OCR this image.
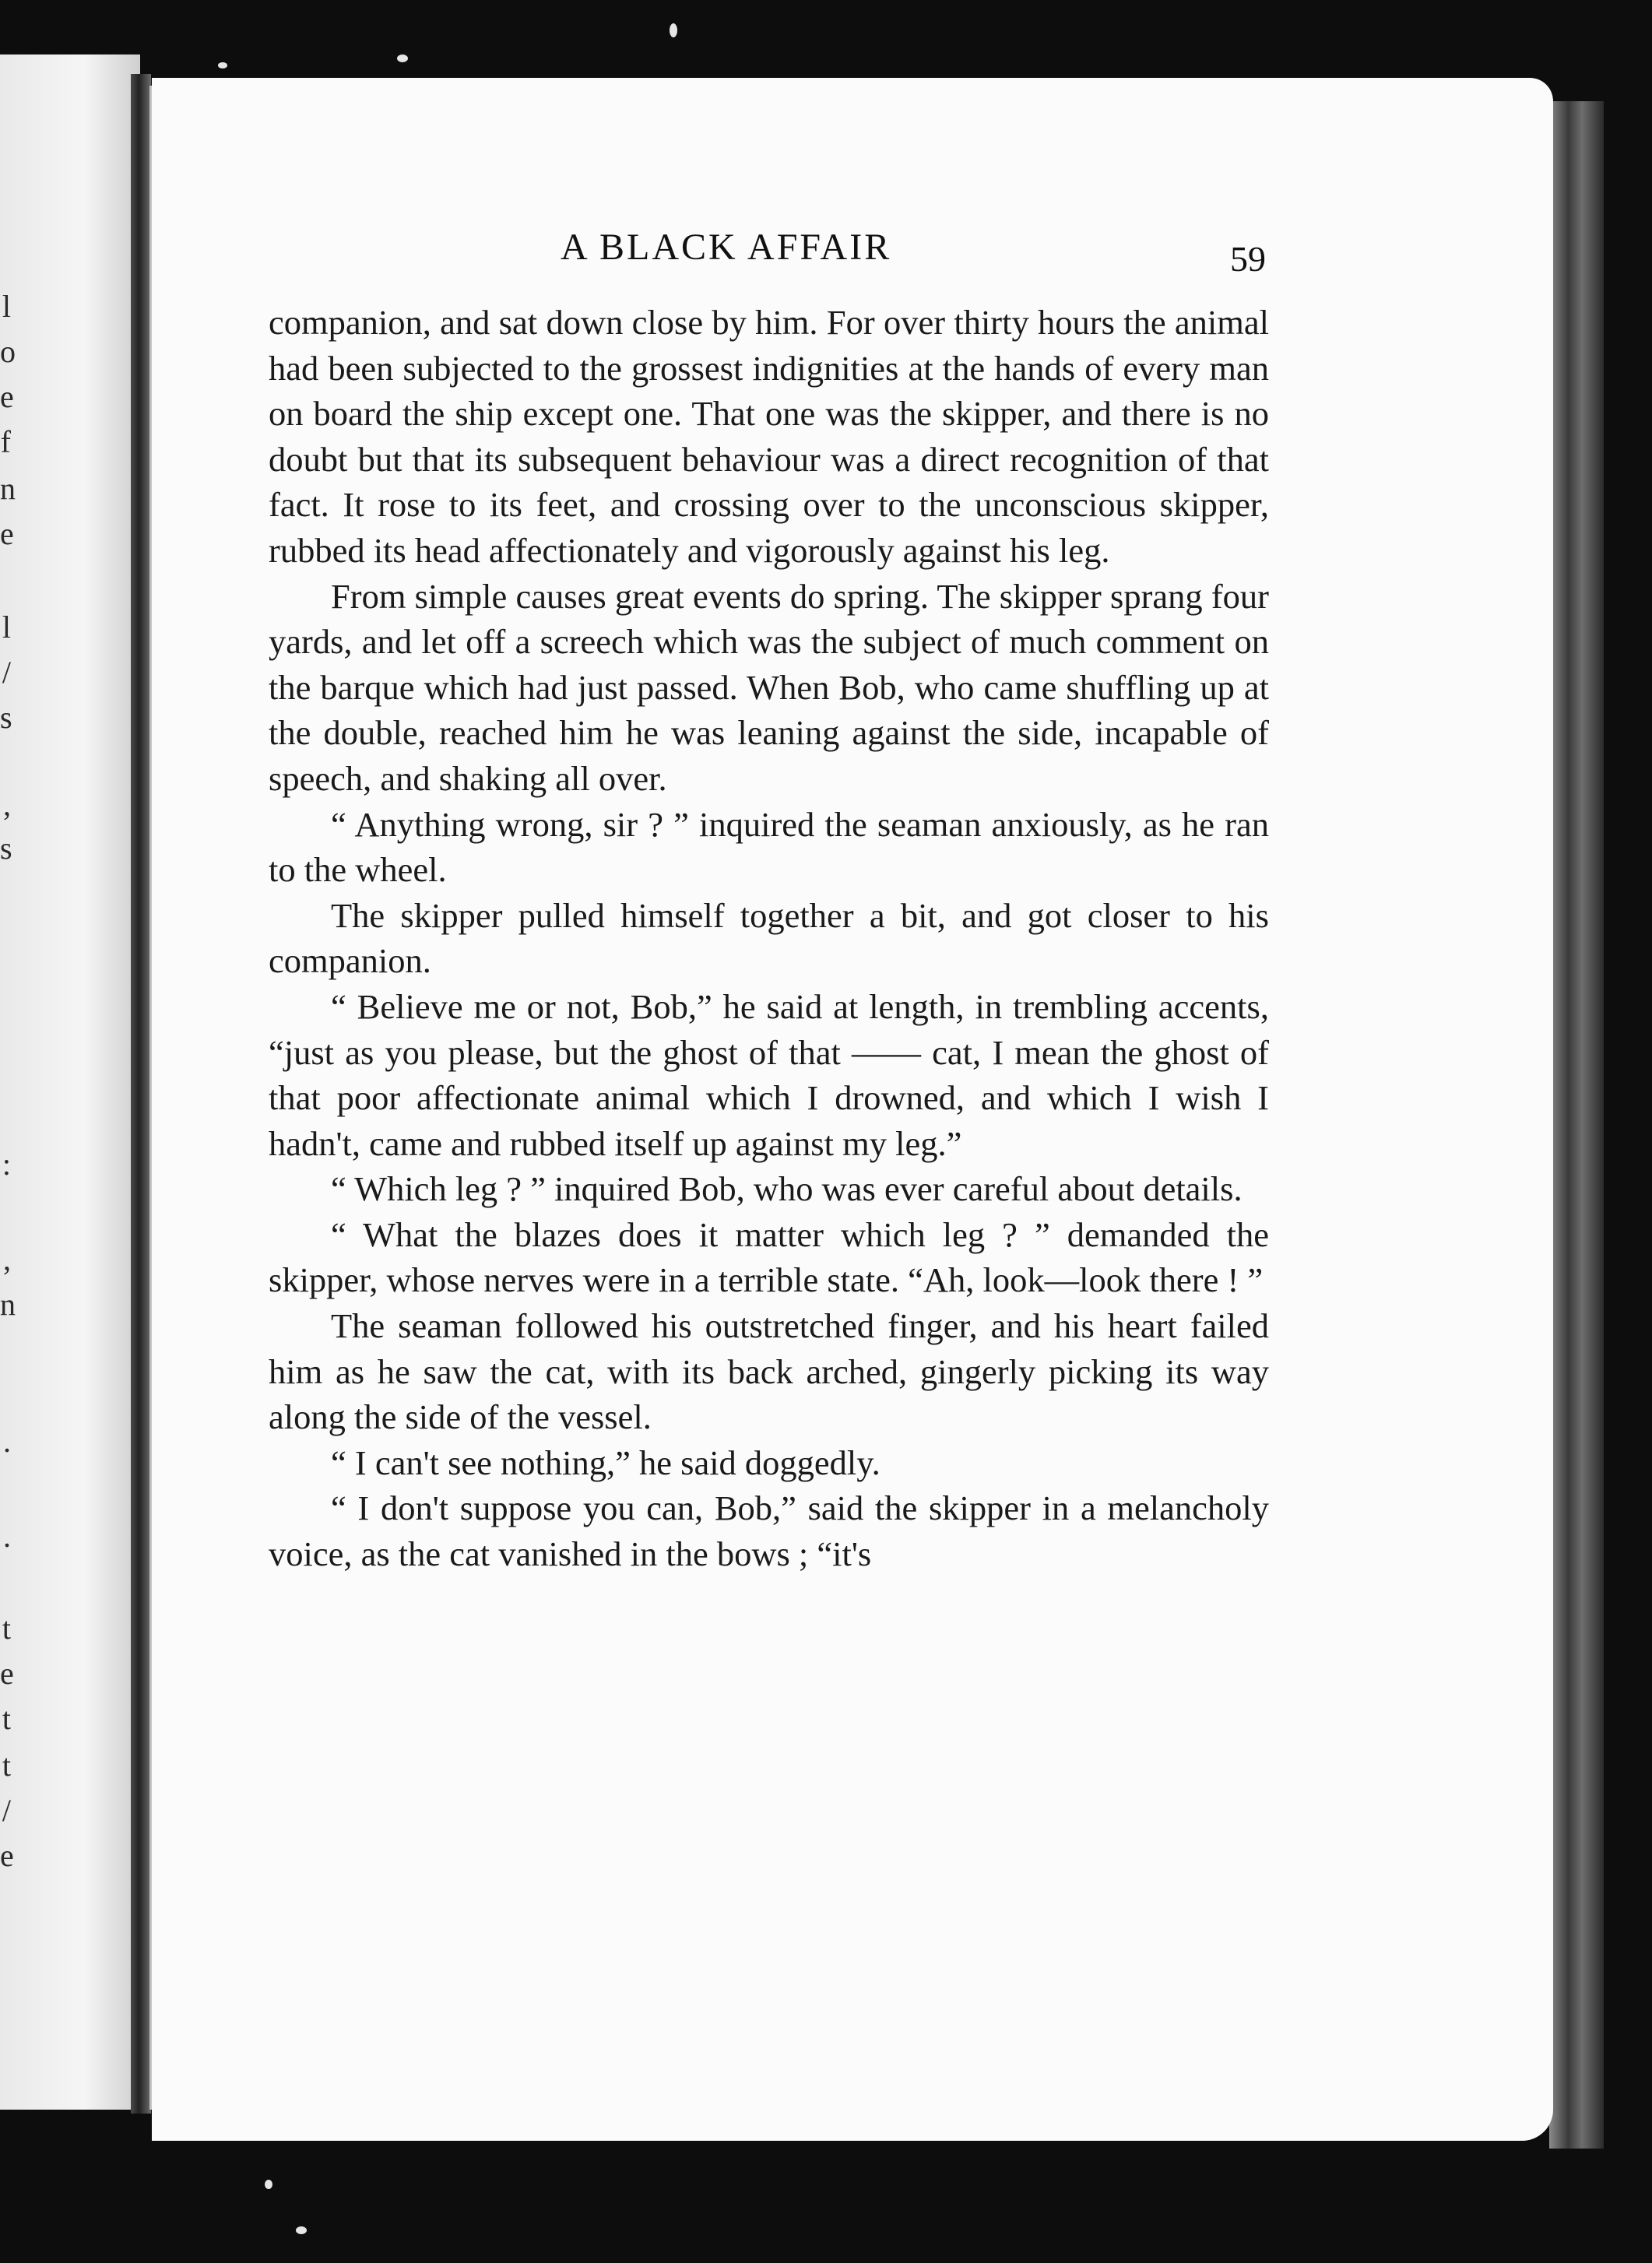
l
o
e
f
n
e
l
/
s
,
s
:
,
n
.
.
t
e
t
t
/
e
A BLACK AFFAIR	59

companion, and sat down close by him. For over thirty hours the animal had been subjected to the grossest indignities at the hands of every man on board the ship except one. That one was the skipper, and there is no doubt but that its subsequent behaviour was a direct recognition of that fact. It rose to its feet, and crossing over to the unconscious skipper, rubbed its head affectionately and vigorously against his leg.

From simple causes great events do spring. The skipper sprang four yards, and let off a screech which was the subject of much comment on the barque which had just passed. When Bob, who came shuffling up at the double, reached him he was leaning against the side, incapable of speech, and shaking all over.

“ Anything wrong, sir ? ” inquired the seaman anxiously, as he ran to the wheel.

The skipper pulled himself together a bit, and got closer to his companion.

“ Believe me or not, Bob,” he said at length, in trembling accents, “just as you please, but the ghost of that —— cat, I mean the ghost of that poor affectionate animal which I drowned, and which I wish I hadn't, came and rubbed itself up against my leg.”

“ Which leg ? ” inquired Bob, who was ever careful about details.

“ What the blazes does it matter which leg ? ” demanded the skipper, whose nerves were in a terrible state. “Ah, look—look there ! ”

The seaman followed his outstretched finger, and his heart failed him as he saw the cat, with its back arched, gingerly picking its way along the side of the vessel.

“ I can't see nothing,” he said doggedly.

“ I don't suppose you can, Bob,” said the skipper in a melancholy voice, as the cat vanished in the bows ; “it's
